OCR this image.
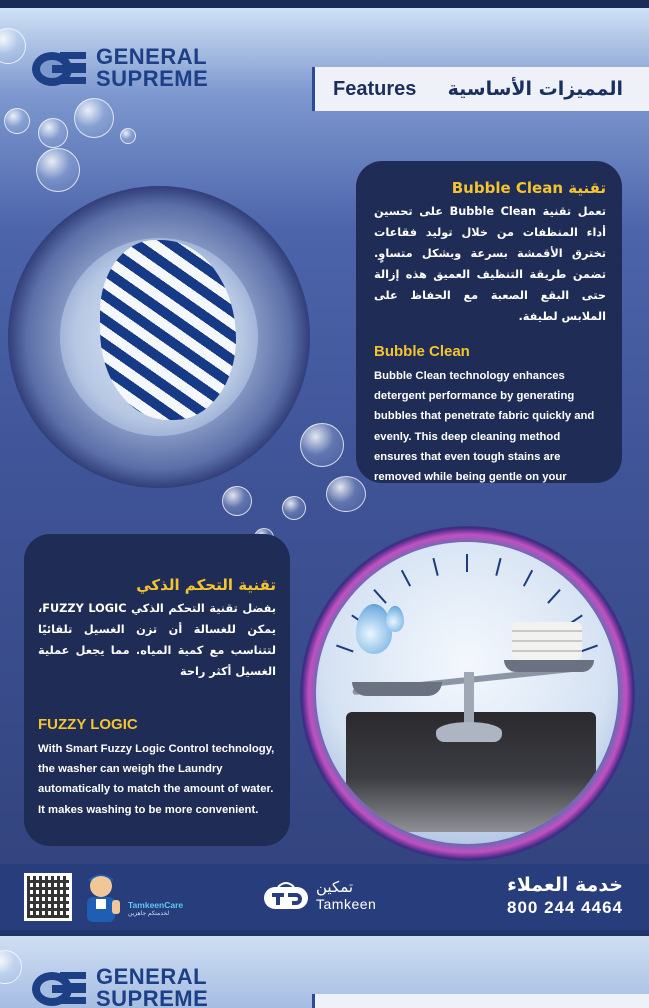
GENERAL
SUPREME	Features المميزات الأساسية
تقنية Bubble Clean
تعمل تقنية Bubble Clean على تحسين أداء المنظفات من خلال توليد فقاعات تخترق الأقمشة بسرعة وبشكل متساوٍ. تضمن طريقة التنظيف العميق هذه إزالة حتى البقع الصعبة مع الحفاظ على الملابس لطيفة.
Bubble Clean
Bubble Clean technology enhances detergent performance by generating bubbles that penetrate fabric quickly and evenly. This deep cleaning method ensures that even tough stains are removed while being gentle on your
تقنية التحكم الذكي
بفضل تقنية التحكم الذكي FUZZY LOGIC، يمكن للغسالة أن تزن الغسيل تلقائيًا لتتناسب مع كمية المياه. مما يجعل عملية الغسيل أكثر راحة
FUZZY LOGIC
With Smart Fuzzy Logic Control technology, the washer can weigh the Laundry automatically to match the amount of water. It makes washing to be more convenient.
TamkeenCare
لخدمتكم جاهزين
تمكين
Tamkeen
خدمة العملاء
800 244 4464
GENERAL
SUPREME
